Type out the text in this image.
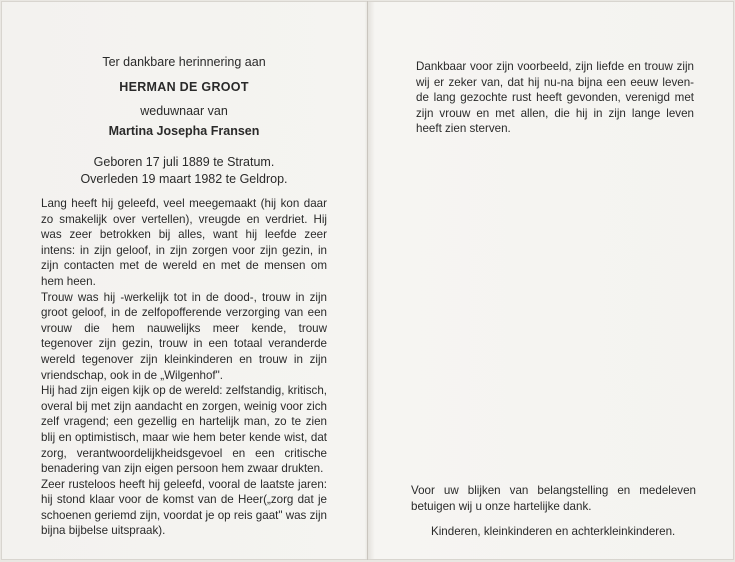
Ter dankbare herinnering aan
HERMAN DE GROOT
weduwnaar van
Martina Josepha Fransen
Geboren 17 juli 1889 te Stratum.
Overleden 19 maart 1982 te Geldrop.

Lang heeft hij geleefd, veel meegemaakt (hij kon daar zo smakelijk over vertellen), vreugde en verdriet. Hij was zeer betrokken bij alles, want hij leefde zeer intens: in zijn geloof, in zijn zorgen voor zijn gezin, in zijn contacten met de wereld en met de mensen om hem heen.

Trouw was hij -werkelijk tot in de dood-, trouw in zijn groot geloof, in de zelfopofferende verzorging van een vrouw die hem nauwelijks meer kende, trouw tegenover zijn gezin, trouw in een totaal veranderde wereld tegenover zijn kleinkinderen en trouw in zijn vriendschap, ook in de „Wilgenhof".

Hij had zijn eigen kijk op de wereld: zelfstandig, kritisch, overal bij met zijn aandacht en zorgen, weinig voor zich zelf vragend; een gezellig en hartelijk man, zo te zien blij en optimistisch, maar wie hem beter kende wist, dat zorg, verantwoordelijkheidsgevoel en een critische benadering van zijn eigen persoon hem zwaar drukten.

Zeer rusteloos heeft hij geleefd, vooral de laatste jaren: hij stond klaar voor de komst van de Heer(„zorg dat je schoenen geriemd zijn, voordat je op reis gaat" was zijn bijna bijbelse uitspraak).

Dankbaar voor zijn voorbeeld, zijn liefde en trouw zijn wij er zeker van, dat hij nu-na bijna een eeuw leven- de lang gezochte rust heeft gevonden, verenigd met zijn vrouw en met allen, die hij in zijn lange leven heeft zien sterven.
Voor uw blijken van belangstelling en medeleven betuigen wij u onze hartelijke dank.
Kinderen, kleinkinderen en achterkleinkinderen.
